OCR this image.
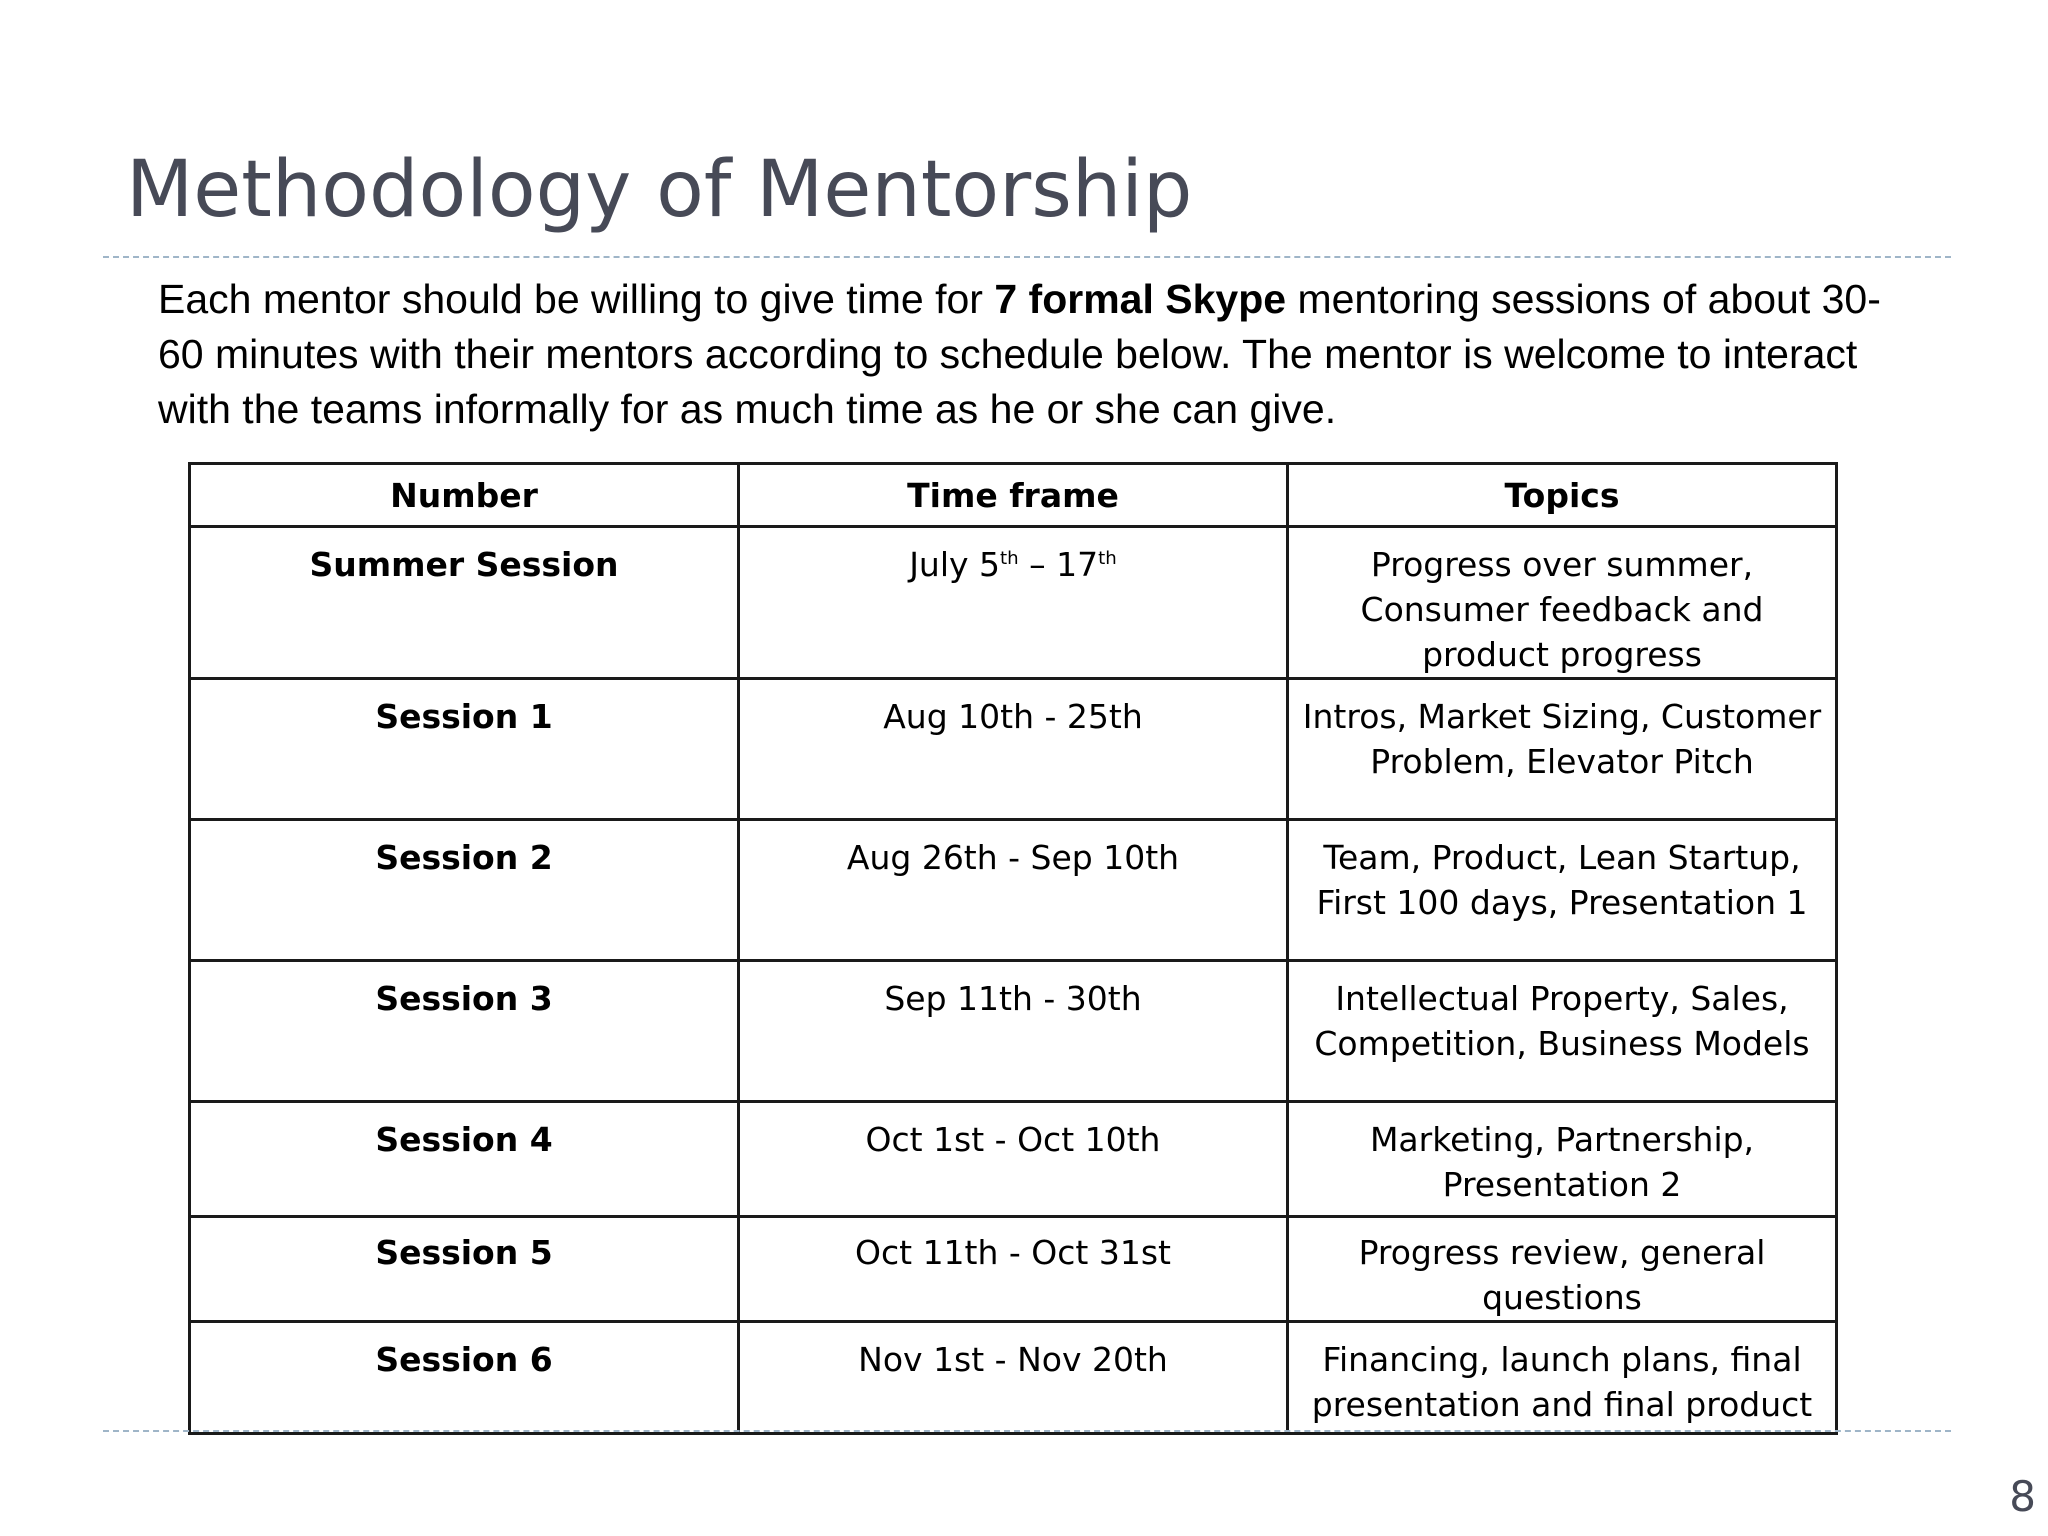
Methodology of Mentorship

Each mentor should be willing to give time for 7 formal Skype mentoring sessions of about 30-60 minutes with their mentors according to schedule below. The mentor is welcome to interact with the teams informally for as much time as he or she can give.

Number	Time frame	Topics
Summer Session	July 5th – 17th	Progress over summer, Consumer feedback and product progress
Session 1	Aug 10th - 25th	Intros, Market Sizing, Customer Problem, Elevator Pitch
Session 2	Aug 26th - Sep 10th	Team, Product, Lean Startup, First 100 days, Presentation 1
Session 3	Sep 11th - 30th	Intellectual Property, Sales, Competition, Business Models
Session 4	Oct 1st - Oct 10th	Marketing, Partnership, Presentation 2
Session 5	Oct 11th - Oct 31st	Progress review, general questions
Session 6	Nov 1st - Nov 20th	Financing, launch plans, final presentation and final product
8
